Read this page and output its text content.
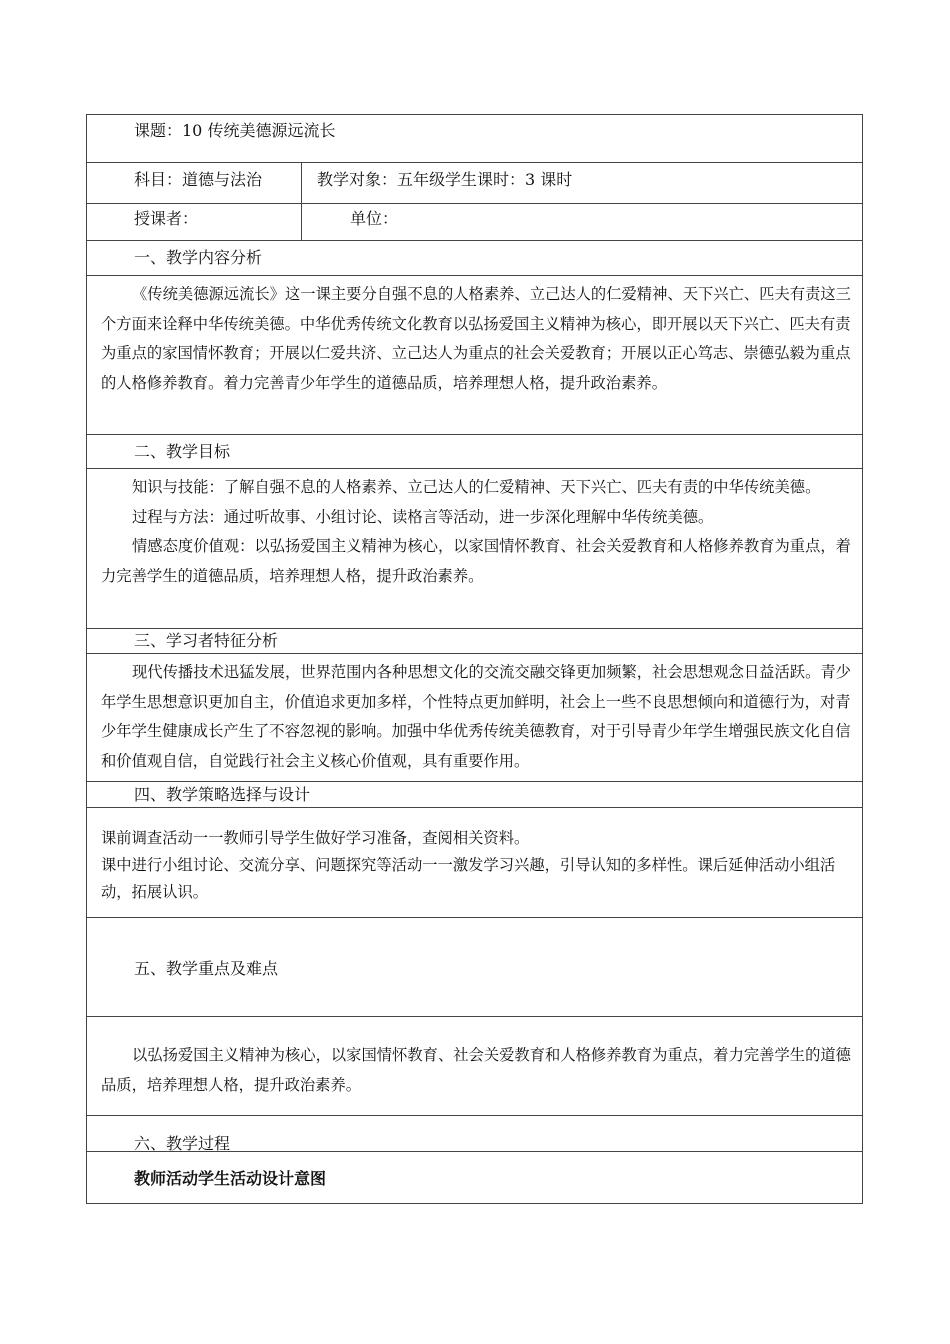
课题：10 传统美德源远流长
科目：道德与法治	教学对象：五年级学生课时：3 课时
授课者：	单位：
一、教学内容分析

《传统美德源远流长》这一课主要分自强不息的人格素养、立己达人的仁爱精神、天下兴亡、匹夫有责这三个方面来诠释中华传统美德。中华优秀传统文化教育以弘扬爱国主义精神为核心，即开展以天下兴亡、匹夫有责为重点的家国情怀教育；开展以仁爱共济、立己达人为重点的社会关爱教育；开展以正心笃志、崇德弘毅为重点的人格修养教育。着力完善青少年学生的道德品质，培养理想人格，提升政治素养。

二、教学目标

知识与技能：了解自强不息的人格素养、立己达人的仁爱精神、天下兴亡、匹夫有责的中华传统美德。

过程与方法：通过听故事、小组讨论、读格言等活动，进一步深化理解中华传统美德。

情感态度价值观：以弘扬爱国主义精神为核心，以家国情怀教育、社会关爱教育和人格修养教育为重点，着力完善学生的道德品质，培养理想人格，提升政治素养。

三、学习者特征分析

现代传播技术迅猛发展，世界范围内各种思想文化的交流交融交锋更加频繁，社会思想观念日益活跃。青少年学生思想意识更加自主，价值追求更加多样，个性特点更加鲜明，社会上一些不良思想倾向和道德行为，对青少年学生健康成长产生了不容忽视的影响。加强中华优秀传统美德教育，对于引导青少年学生增强民族文化自信和价值观自信，自觉践行社会主义核心价值观，具有重要作用。

四、教学策略选择与设计

课前调查活动一一教师引导学生做好学习准备，查阅相关资料。

课中进行小组讨论、交流分享、问题探究等活动一一激发学习兴趣，引导认知的多样性。课后延伸活动小组活动，拓展认识。

五、教学重点及难点

以弘扬爱国主义精神为核心，以家国情怀教育、社会关爱教育和人格修养教育为重点，着力完善学生的道德品质，培养理想人格，提升政治素养。

六、教学过程
教师活动学生活动设计意图
